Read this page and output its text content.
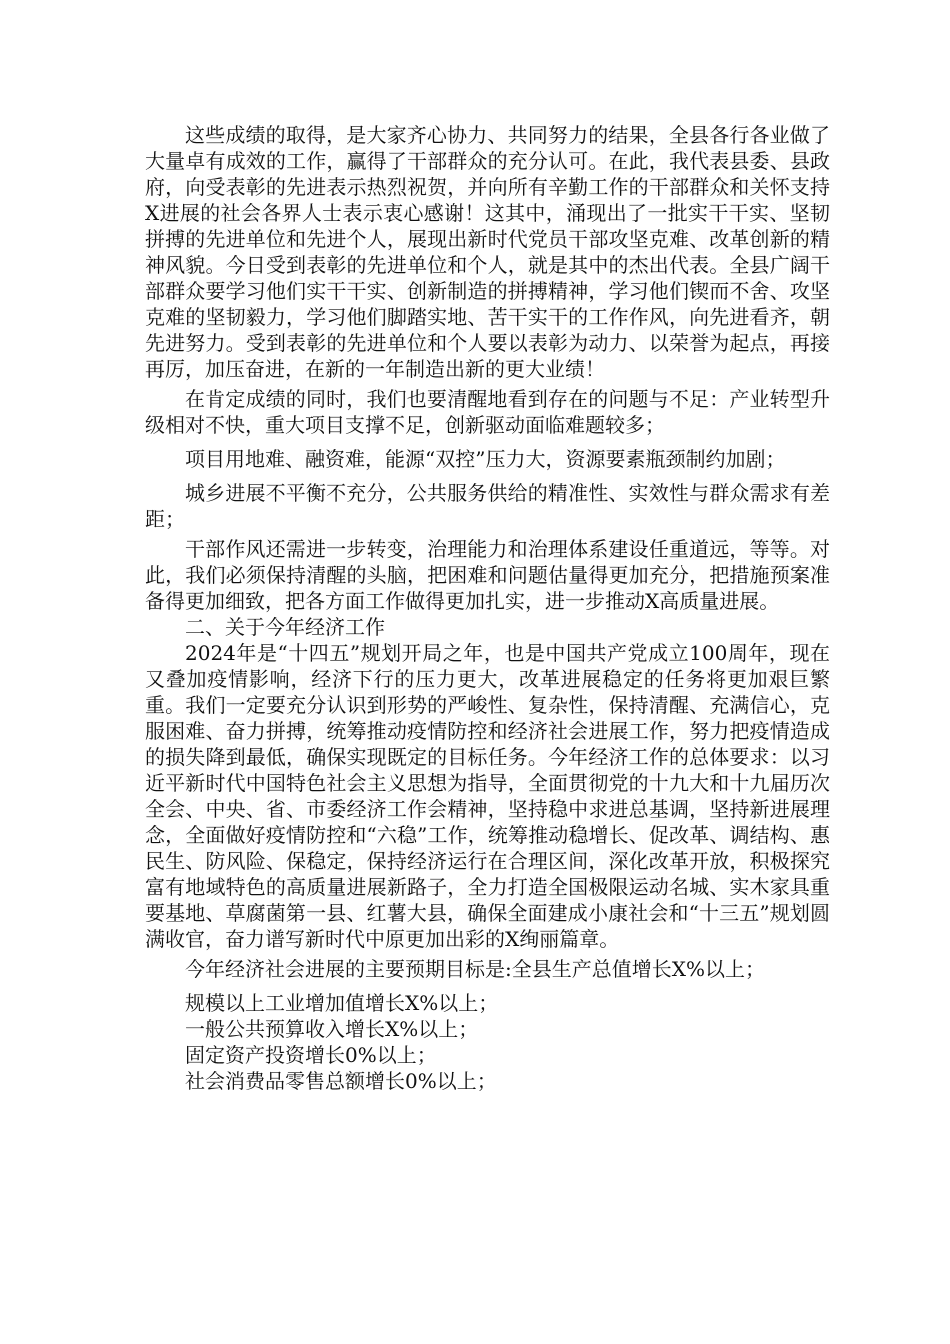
这些成绩的取得，是大家齐心协力、共同努力的结果，全县各行各业做了大量卓有成效的工作，赢得了干部群众的充分认可。在此，我代表县委、县政府，向受表彰的先进表示热烈祝贺，并向所有辛勤工作的干部群众和关怀支持X进展的社会各界人士表示衷心感谢！这其中，涌现出了一批实干干实、坚韧拼搏的先进单位和先进个人，展现出新时代党员干部攻坚克难、改革创新的精神风貌。今日受到表彰的先进单位和个人，就是其中的杰出代表。全县广阔干部群众要学习他们实干干实、创新制造的拼搏精神，学习他们锲而不舍、攻坚克难的坚韧毅力，学习他们脚踏实地、苦干实干的工作作风，向先进看齐，朝先进努力。受到表彰的先进单位和个人要以表彰为动力、以荣誉为起点，再接再厉，加压奋进，在新的一年制造出新的更大业绩！

在肯定成绩的同时，我们也要清醒地看到存在的问题与不足：产业转型升级相对不快，重大项目支撑不足，创新驱动面临难题较多；

项目用地难、融资难，能源“双控”压力大，资源要素瓶颈制约加剧；

城乡进展不平衡不充分，公共服务供给的精准性、实效性与群众需求有差距；

干部作风还需进一步转变，治理能力和治理体系建设任重道远，等等。对此，我们必须保持清醒的头脑，把困难和问题估量得更加充分，把措施预案准备得更加细致，把各方面工作做得更加扎实，进一步推动X高质量进展。

二、关于今年经济工作

2024年是“十四五”规划开局之年，也是中国共产党成立100周年，现在又叠加疫情影响，经济下行的压力更大，改革进展稳定的任务将更加艰巨繁重。我们一定要充分认识到形势的严峻性、复杂性，保持清醒、充满信心，克服困难、奋力拼搏，统筹推动疫情防控和经济社会进展工作，努力把疫情造成的损失降到最低，确保实现既定的目标任务。今年经济工作的总体要求：以习近平新时代中国特色社会主义思想为指导，全面贯彻党的十九大和十九届历次全会、中央、省、市委经济工作会精神，坚持稳中求进总基调，坚持新进展理念，全面做好疫情防控和“六稳”工作，统筹推动稳增长、促改革、调结构、惠民生、防风险、保稳定，保持经济运行在合理区间，深化改革开放，积极探究富有地域特色的高质量进展新路子，全力打造全国极限运动名城、实木家具重要基地、草腐菌第一县、红薯大县，确保全面建成小康社会和“十三五”规划圆满收官，奋力谱写新时代中原更加出彩的X绚丽篇章。

今年经济社会进展的主要预期目标是:全县生产总值增长X%以上；

规模以上工业增加值增长X%以上；

一般公共预算收入增长X%以上；

固定资产投资增长0%以上；

社会消费品零售总额增长0%以上；
